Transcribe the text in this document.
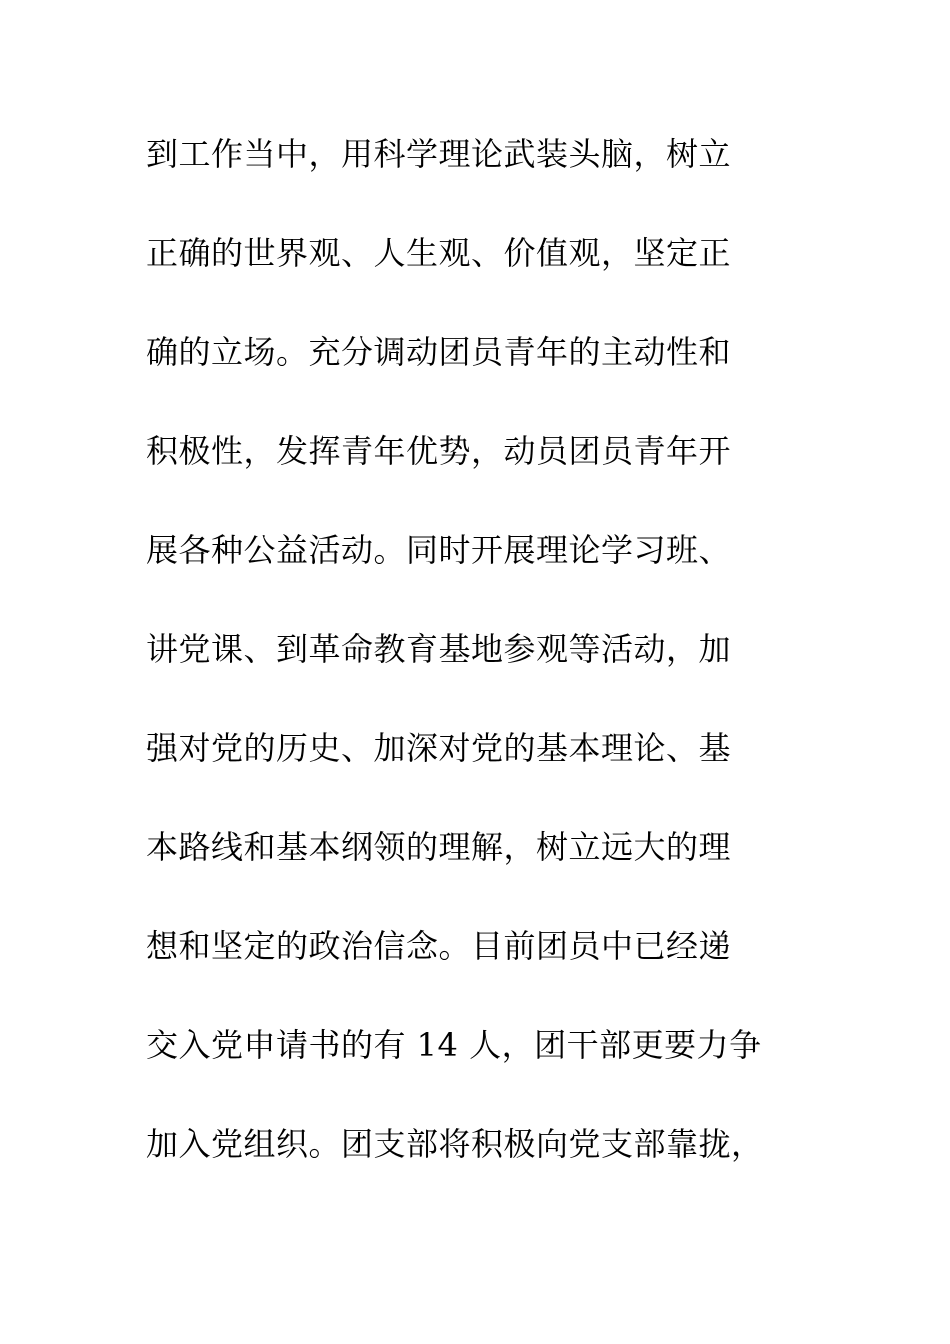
到工作当中，用科学理论武装头脑，树立
正确的世界观、人生观、价值观，坚定正
确的立场。充分调动团员青年的主动性和
积极性，发挥青年优势，动员团员青年开
展各种公益活动。同时开展理论学习班、
讲党课、到革命教育基地参观等活动，加
强对党的历史、加深对党的基本理论、基
本路线和基本纲领的理解，树立远大的理
想和坚定的政治信念。目前团员中已经递
交入党申请书的有 14 人，团干部更要力争
加入党组织。团支部将积极向党支部靠拢，
